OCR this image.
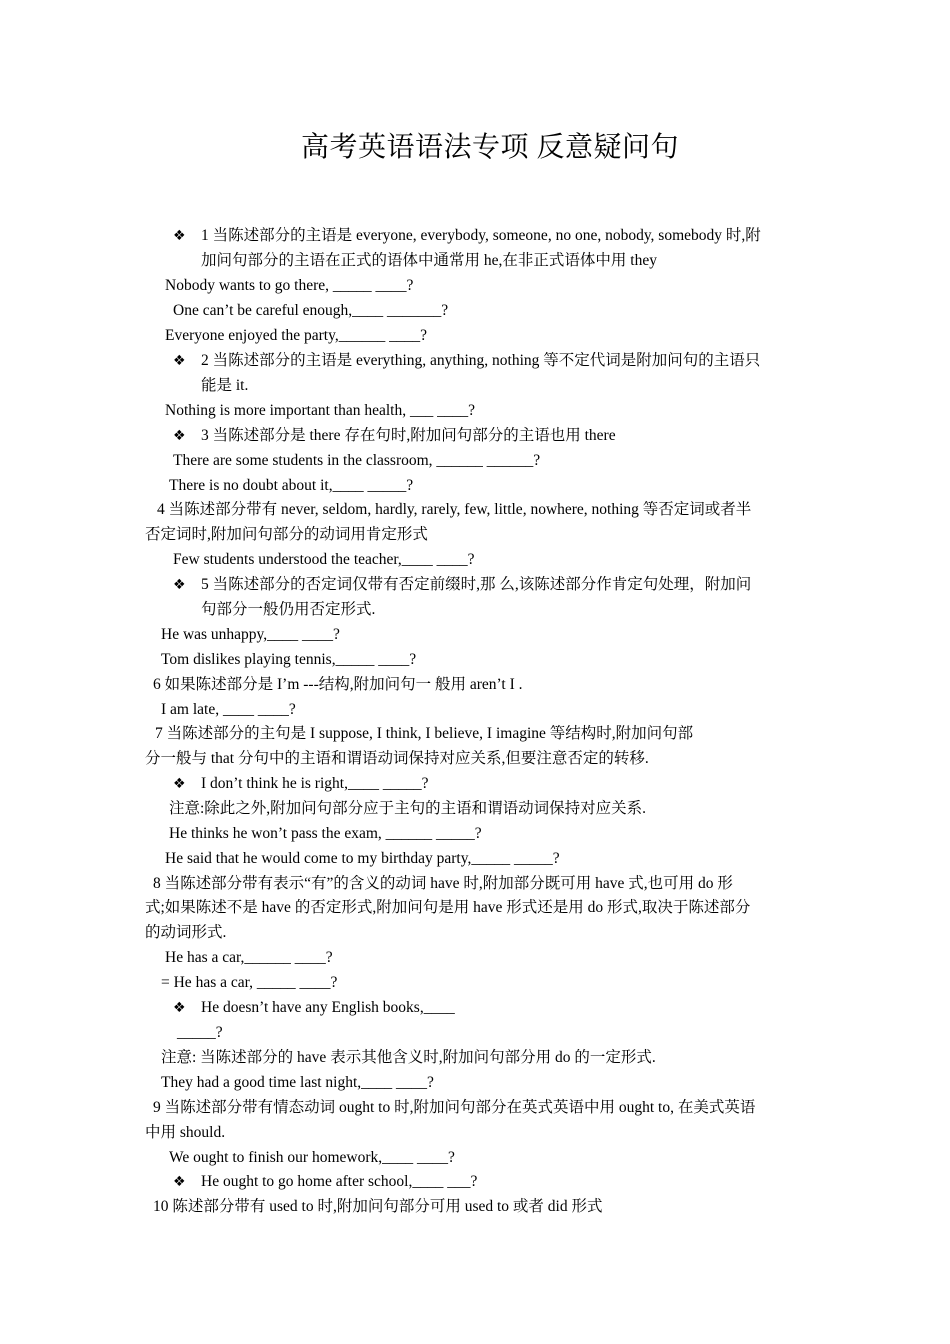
高考英语语法专项 反意疑问句
❖ 1 当陈述部分的主语是 everyone, everybody, someone, no one, nobody, somebody 时,附
加问句部分的主语在正式的语体中通常用 he,在非正式语体中用 they
Nobody wants to go there, _____ ____?
One can’t be careful enough,____ _______?
Everyone enjoyed the party,______ ____?
❖ 2 当陈述部分的主语是 everything, anything, nothing 等不定代词是附加问句的主语只
能是 it.
Nothing is more important than health, ___ ____?
❖ 3 当陈述部分是 there 存在句时,附加问句部分的主语也用 there
There are some students in the classroom, ______ ______?
There is no doubt about it,____ _____?
4 当陈述部分带有 never, seldom, hardly, rarely, few, little, nowhere, nothing 等否定词或者半
否定词时,附加问句部分的动词用肯定形式
Few students understood the teacher,____ ____?
❖ 5 当陈述部分的否定词仅带有否定前缀时,那 么,该陈述部分作肯定句处理，附加问
句部分一般仍用否定形式.
He was unhappy,____ ____?
Tom dislikes playing tennis,_____ ____?
6 如果陈述部分是 I’m ---结构,附加问句一 般用 aren’t I .
I am late, ____ ____?
7 当陈述部分的主句是 I suppose, I think, I believe, I imagine 等结构时,附加问句部
分一般与 that 分句中的主语和谓语动词保持对应关系,但要注意否定的转移.
❖ I don’t think he is right,____ _____?
注意:除此之外,附加问句部分应于主句的主语和谓语动词保持对应关系.
He thinks he won’t pass the exam, ______ _____?
He said that he would come to my birthday party,_____ _____?
8 当陈述部分带有表示“有”的含义的动词 have 时,附加部分既可用 have 式,也可用 do 形
式;如果陈述不是 have 的否定形式,附加问句是用 have 形式还是用 do 形式,取决于陈述部分
的动词形式.
He has a car,______ ____?
= He has a car, _____ ____?
❖ He doesn’t have any English books,____
_____?
注意: 当陈述部分的 have 表示其他含义时,附加问句部分用 do 的一定形式.
They had a good time last night,____ ____?
9 当陈述部分带有情态动词 ought to 时,附加问句部分在英式英语中用 ought to, 在美式英语
中用 should.
We ought to finish our homework,____ ____?
❖ He ought to go home after school,____ ___?
10 陈述部分带有 used to 时,附加问句部分可用 used to 或者 did 形式
